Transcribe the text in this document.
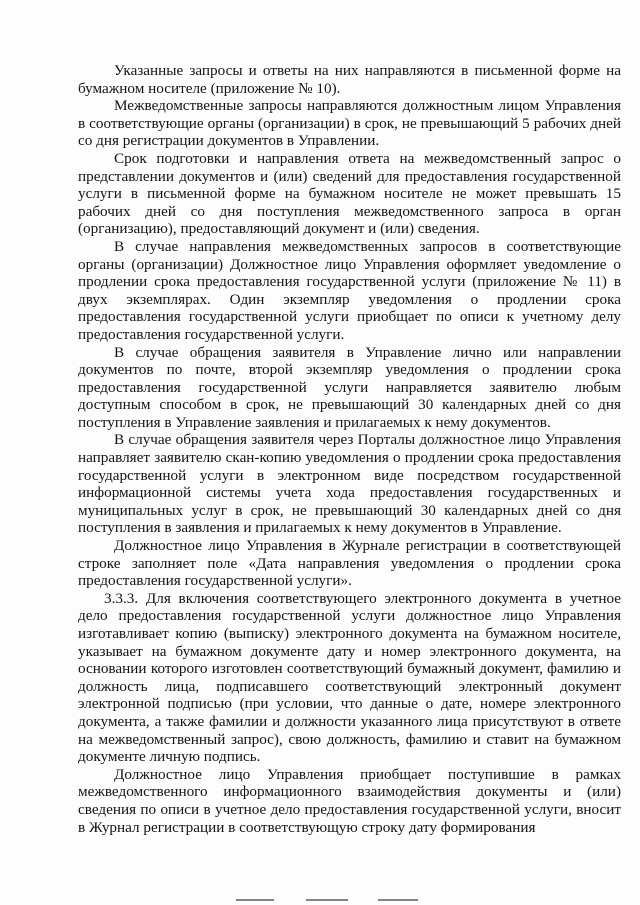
Указанные запросы и ответы на них направляются в письменной форме на бумажном носителе (приложение № 10).

Межведомственные запросы направляются должностным лицом Управления в соответствующие органы (организации) в срок, не превышающий 5 рабочих дней со дня регистрации документов в Управлении.

Срок подготовки и направления ответа на межведомственный запрос о представлении документов и (или) сведений для предоставления государственной услуги в письменной форме на бумажном носителе не может превышать 15 рабочих дней со дня поступления межведомственного запроса в орган (организацию), предоставляющий документ и (или) сведения.

В случае направления межведомственных запросов в соответствующие органы (организации) Должностное лицо Управления оформляет уведомление о продлении срока предоставления государственной услуги (приложение № 11) в двух экземплярах. Один экземпляр уведомления о продлении срока предоставления государственной услуги приобщает по описи к учетному делу предоставления государственной услуги.

В случае обращения заявителя в Управление лично или направлении документов по почте, второй экземпляр уведомления о продлении срока предоставления государственной услуги направляется заявителю любым доступным способом в срок, не превышающий 30 календарных дней со дня поступления в Управление заявления и прилагаемых к нему документов.

В случае обращения заявителя через Порталы должностное лицо Управления направляет заявителю скан-копию уведомления о продлении срока предоставления государственной услуги в электронном виде посредством государственной информационной системы учета хода предоставления государственных и муниципальных услуг в срок, не превышающий 30 календарных дней со дня поступления в заявления и прилагаемых к нему документов в Управление.

Должностное лицо Управления в Журнале регистрации в соответствующей строке заполняет поле «Дата направления уведомления о продлении срока предоставления государственной услуги».

3.3.3. Для включения соответствующего электронного документа в учетное дело предоставления государственной услуги должностное лицо Управления изготавливает копию (выписку) электронного документа на бумажном носителе, указывает на бумажном документе дату и номер электронного документа, на основании которого изготовлен соответствующий бумажный документ, фамилию и должность лица, подписавшего соответствующий электронный документ электронной подписью (при условии, что данные о дате, номере электронного документа, а также фамилии и должности указанного лица присутствуют в ответе на межведомственный запрос), свою должность, фамилию и ставит на бумажном документе личную подпись.

Должностное лицо Управления приобщает поступившие в рамках межведомственного информационного взаимодействия документы и (или) сведения по описи в учетное дело предоставления государственной услуги, вносит в Журнал регистрации в соответствующую строку дату формирования
